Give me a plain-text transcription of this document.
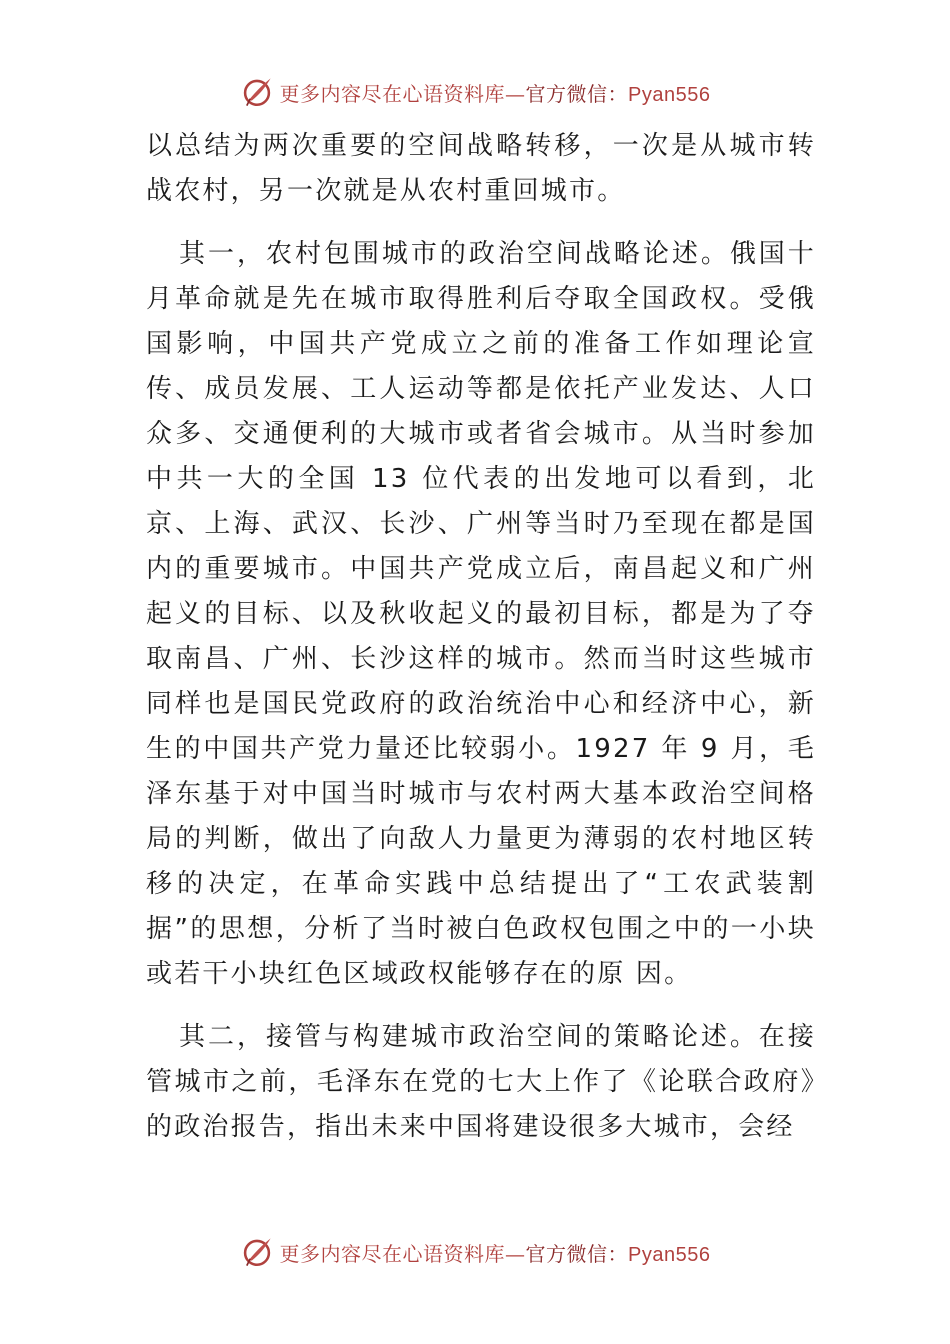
更多内容尽在心语资料库—官方微信：Pyan556

以总结为两次重要的空间战略转移，一次是从城市转战农村，另一次就是从农村重回城市。

其一，农村包围城市的政治空间战略论述。俄国十月革命就是先在城市取得胜利后夺取全国政权。受俄国影响，中国共产党成立之前的准备工作如理论宣传、成员发展、工人运动等都是依托产业发达、人口众多、交通便利的大城市或者省会城市。从当时参加中共一大的全国 13 位代表的出发地可以看到，北京、上海、武汉、长沙、广州等当时乃至现在都是国内的重要城市。中国共产党成立后，南昌起义和广州起义的目标、以及秋收起义的最初目标，都是为了夺取南昌、广州、长沙这样的城市。然而当时这些城市同样也是国民党政府的政治统治中心和经济中心，新生的中国共产党力量还比较弱小。1927 年 9 月，毛泽东基于对中国当时城市与农村两大基本政治空间格局的判断，做出了向敌人力量更为薄弱的农村地区转移的决定，在革命实践中总结提出了“工农武装割据”的思想，分析了当时被白色政权包围之中的一小块或若干小块红色区域政权能够存在的原 因。

其二，接管与构建城市政治空间的策略论述。在接管城市之前，毛泽东在党的七大上作了《论联合政府》的政治报告，指出未来中国将建设很多大城市，会经

更多内容尽在心语资料库—官方微信：Pyan556
